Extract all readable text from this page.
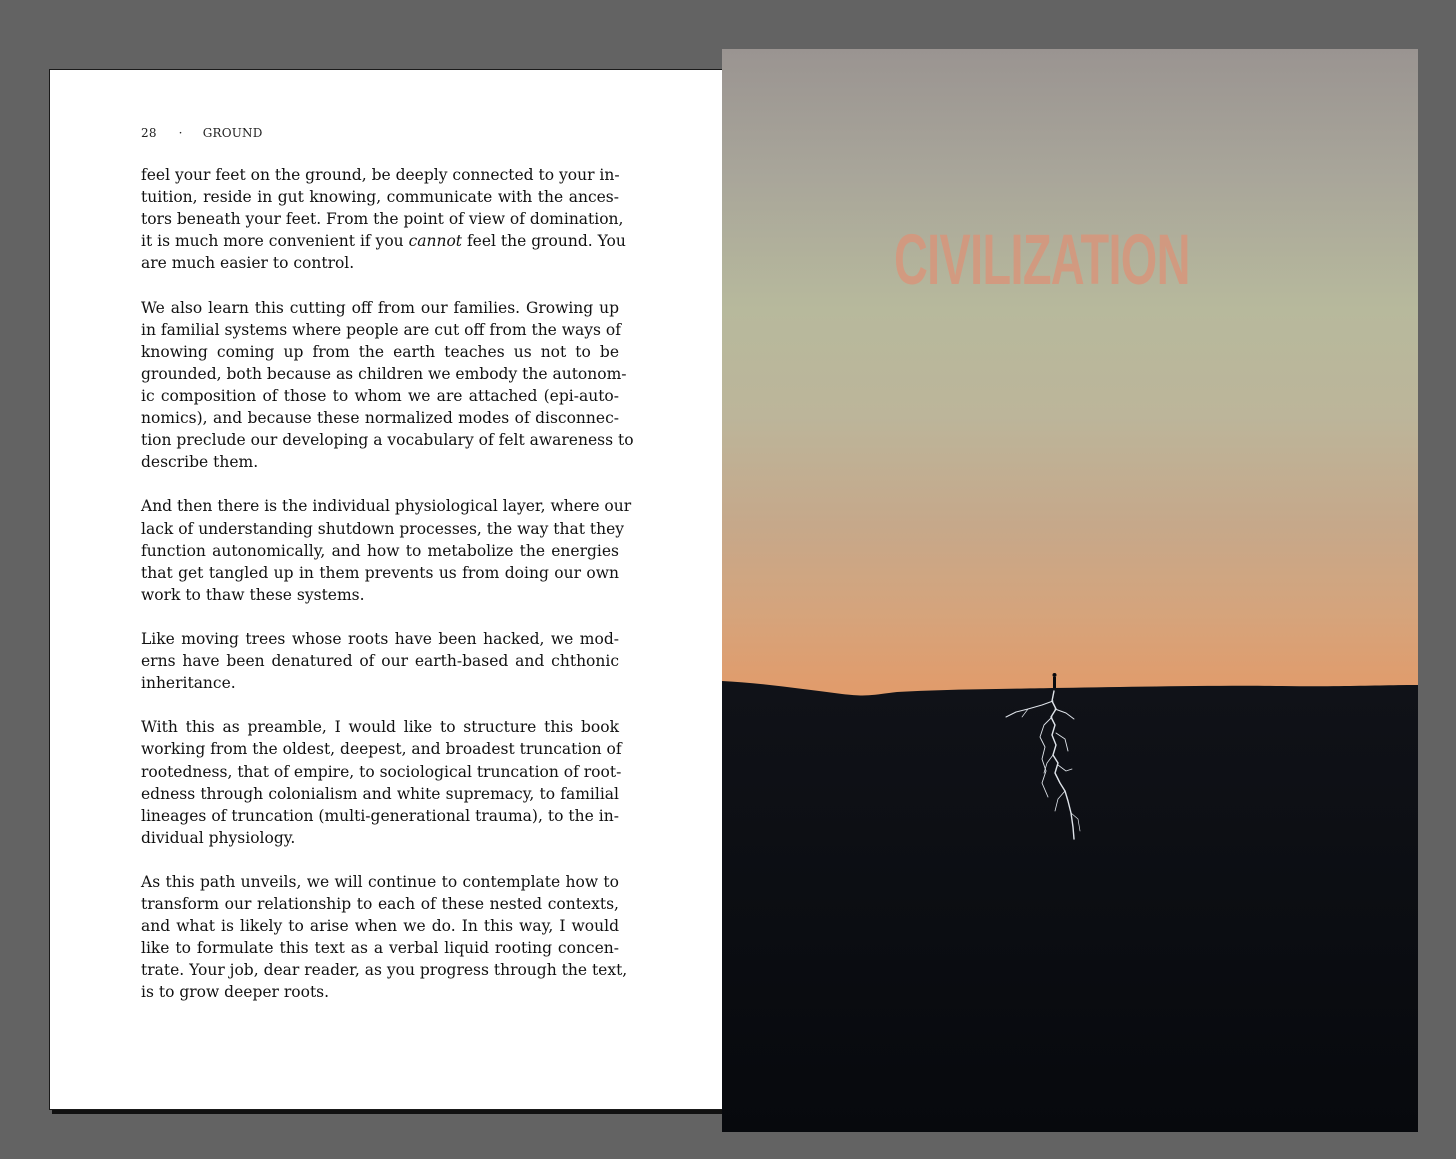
28 · GROUND
feel your feet on the ground, be deeply connected to your in-
tuition, reside in gut knowing, communicate with the ances-
tors beneath your feet. From the point of view of domination,
it is much more convenient if you cannot feel the ground. You
are much easier to control.
We also learn this cutting off from our families. Growing up
in familial systems where people are cut off from the ways of
knowing coming up from the earth teaches us not to be
grounded, both because as children we embody the autonom-
ic composition of those to whom we are attached (epi-auto-
nomics), and because these normalized modes of disconnec-
tion preclude our developing a vocabulary of felt awareness to
describe them.
And then there is the individual physiological layer, where our
lack of understanding shutdown processes, the way that they
function autonomically, and how to metabolize the energies
that get tangled up in them prevents us from doing our own
work to thaw these systems.
Like moving trees whose roots have been hacked, we mod-
erns have been denatured of our earth-based and chthonic
inheritance.
With this as preamble, I would like to structure this book
working from the oldest, deepest, and broadest truncation of
rootedness, that of empire, to sociological truncation of root-
edness through colonialism and white supremacy, to familial
lineages of truncation (multi-generational trauma), to the in-
dividual physiology.
As this path unveils, we will continue to contemplate how to
transform our relationship to each of these nested contexts,
and what is likely to arise when we do. In this way, I would
like to formulate this text as a verbal liquid rooting concen-
trate. Your job, dear reader, as you progress through the text,
is to grow deeper roots.
CIVILIZATION
